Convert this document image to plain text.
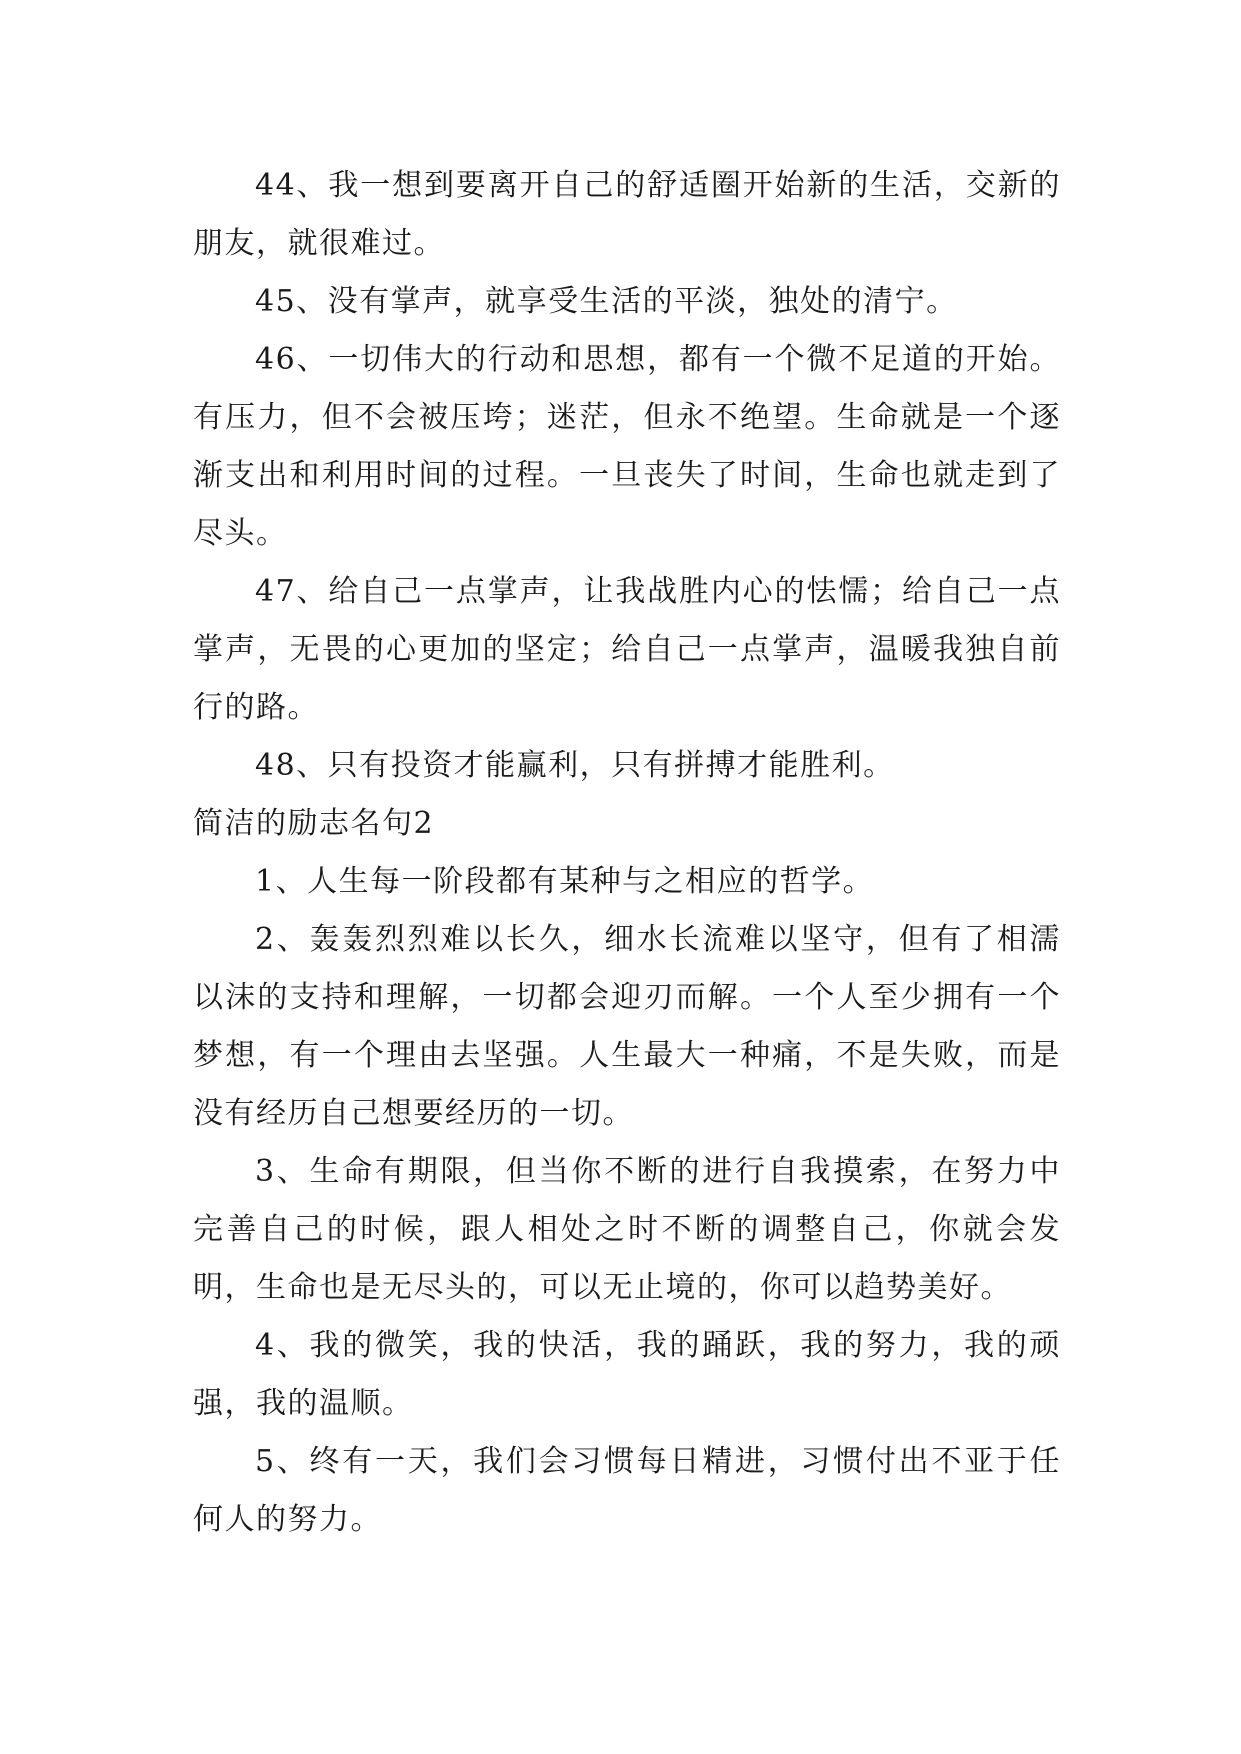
44、我一想到要离开自己的舒适圈开始新的生活，交新的朋友，就很难过。

45、没有掌声，就享受生活的平淡，独处的清宁。

46、一切伟大的行动和思想，都有一个微不足道的开始。有压力，但不会被压垮；迷茫，但永不绝望。生命就是一个逐渐支出和利用时间的过程。一旦丧失了时间，生命也就走到了尽头。

47、给自己一点掌声，让我战胜内心的怯懦；给自己一点掌声，无畏的心更加的坚定；给自己一点掌声，温暖我独自前行的路。

48、只有投资才能赢利，只有拼搏才能胜利。

简洁的励志名句2

1、人生每一阶段都有某种与之相应的哲学。

2、轰轰烈烈难以长久，细水长流难以坚守，但有了相濡以沫的支持和理解，一切都会迎刃而解。一个人至少拥有一个梦想，有一个理由去坚强。人生最大一种痛，不是失败，而是没有经历自己想要经历的一切。

3、生命有期限，但当你不断的进行自我摸索，在努力中完善自己的时候，跟人相处之时不断的调整自己，你就会发明，生命也是无尽头的，可以无止境的，你可以趋势美好。

4、我的微笑，我的快活，我的踊跃，我的努力，我的顽强，我的温顺。

5、终有一天，我们会习惯每日精进，习惯付出不亚于任何人的努力。
